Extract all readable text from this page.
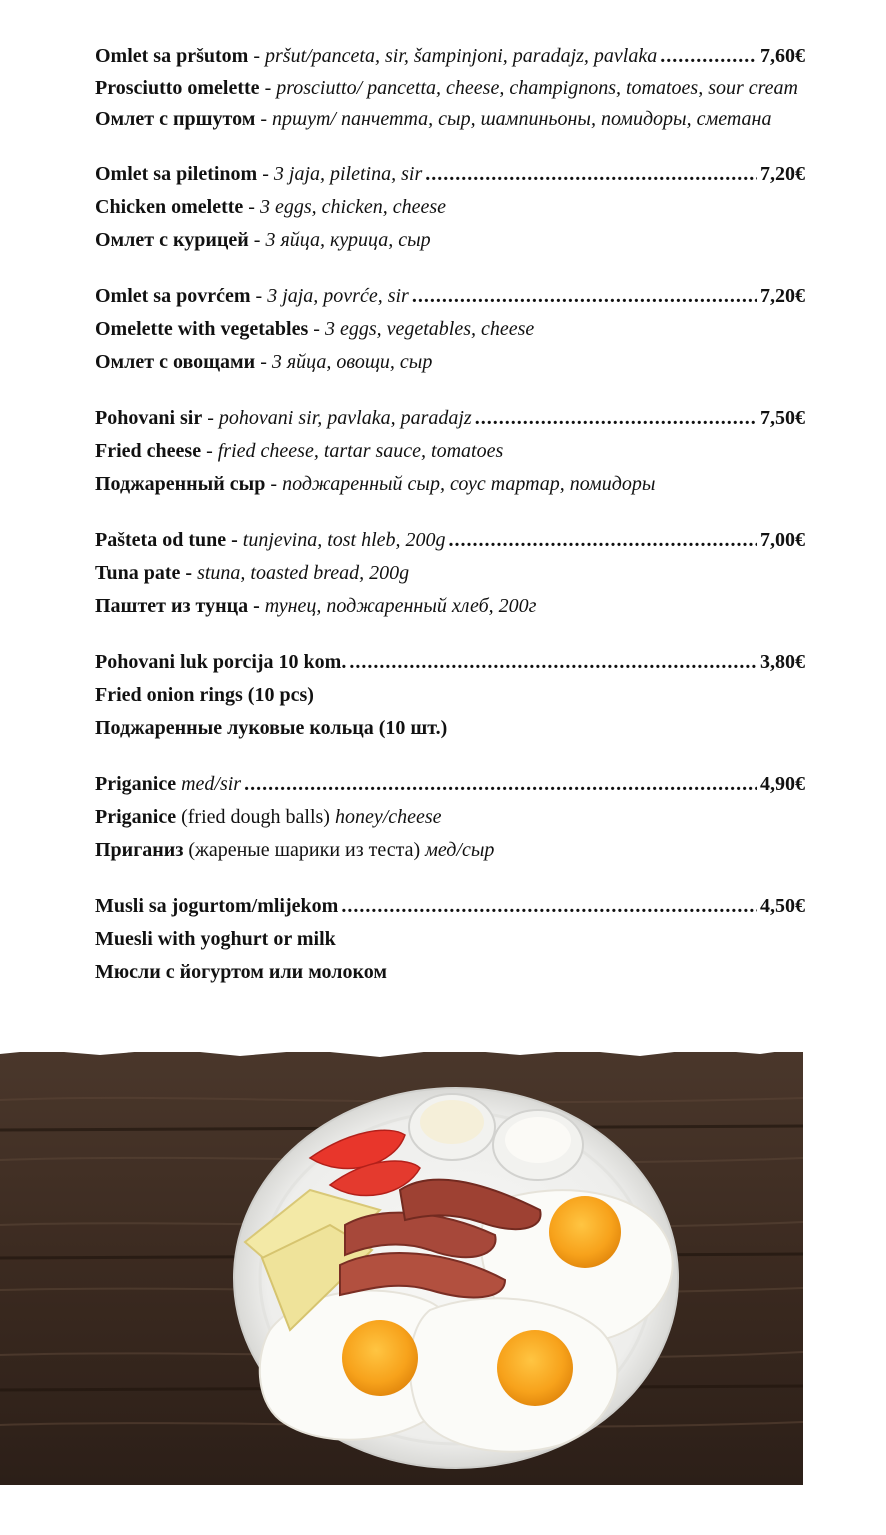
Omlet sa pršutom - pršut/panceta, sir, šampinjoni, paradajz, pavlaka .....	7,60€
Prosciutto omelette - prosciutto/ pancetta, cheese, champignons, tomatoes, sour cream
Омлет с пршутом - пршут/ панчетта, сыр, шампиньоны, помидоры, сметана
Omlet sa piletinom - 3 jaja, piletina, sir .....	7,20€
Chicken omelette - 3 eggs, chicken, cheese
Омлет с курицей - 3 яйца, курица, сыр
Omlet sa povrćem - 3 jaja, povrće, sir .....	7,20€
Omelette with vegetables - 3 eggs, vegetables, cheese
Омлет с овощами - 3 яйца, овощи, сыр
Pohovani sir - pohovani sir, pavlaka, paradajz .....	7,50€
Fried cheese - fried cheese, tartar sauce, tomatoes
Поджаренный сыр - поджаренный сыр, соус тартар, помидоры
Pašteta od tune - tunjevina, tost hleb, 200g .....	7,00€
Tuna pate - stuna, toasted bread, 200g
Паштет из тунца - тунец, поджаренный хлеб, 200г
Pohovani luk porcija 10 kom. .....	3,80€
Fried onion rings (10 pcs)
Поджаренные луковые кольца (10 шт.)
Priganice med/sir .....	4,90€
Priganice (fried dough balls) honey/cheese
Приганиз (жареные шарики из теста) мед/сыр
Musli sa jogurtom/mlijekom .....	4,50€
Muesli with yoghurt or milk
Мюсли с йогуртом или молоком
